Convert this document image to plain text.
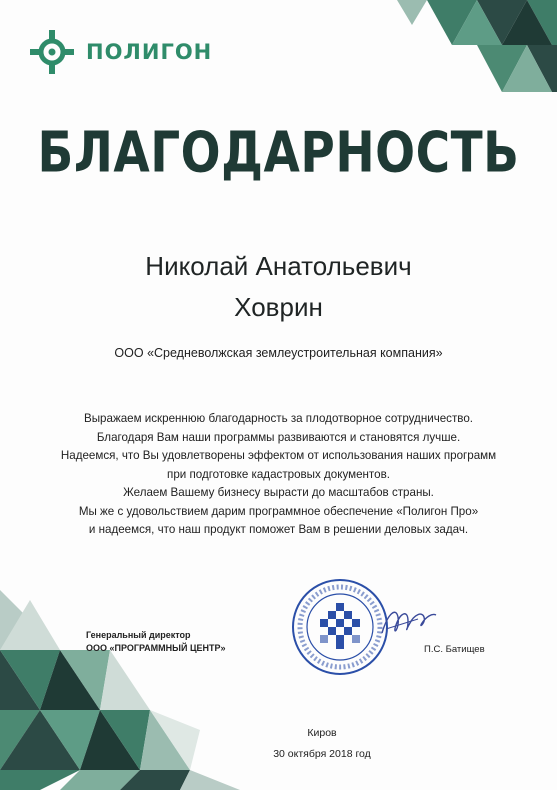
ПОЛИГОН
БЛАГОДАРНОСТЬ
Николай Анатольевич
Ховрин
ООО «Средневолжская землеустроительная компания»
Выражаем искреннюю благодарность за плодотворное сотрудничество.
Благодаря Вам наши программы развиваются и становятся лучше.
Надеемся, что Вы удовлетворены эффектом от использования наших программ
при подготовке кадастровых документов.
Желаем Вашему бизнесу вырасти до масштабов страны.
Мы же с удовольствием дарим программное обеспечение «Полигон Про»
и надеемся, что наш продукт поможет Вам в решении деловых задач.
Генеральный директор
ООО «ПРОГРАММНЫЙ ЦЕНТР»	П.С. Батищев
Киров
30 октября 2018 год
